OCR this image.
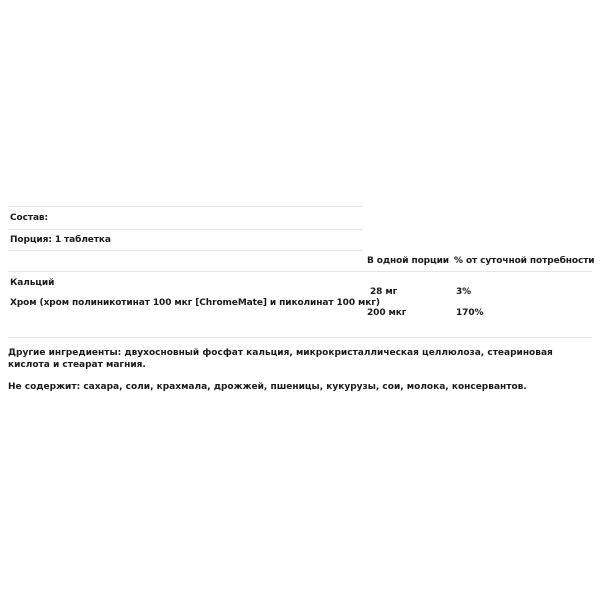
Состав:
Порция: 1 таблетка
В одной порции % от суточной потребности
Кальций
28 мг	3%
Хром (хром полиникотинат 100 мкг [ChromeMate] и пиколинат 100 мкг)
200 мкг	170%
Другие ингредиенты: двухосновный фосфат кальция, микрокристаллическая целлюлоза, стеариновая кислота и стеарат магния.
Не содержит: сахара, соли, крахмала, дрожжей, пшеницы, кукурузы, сои, молока, консервантов.
